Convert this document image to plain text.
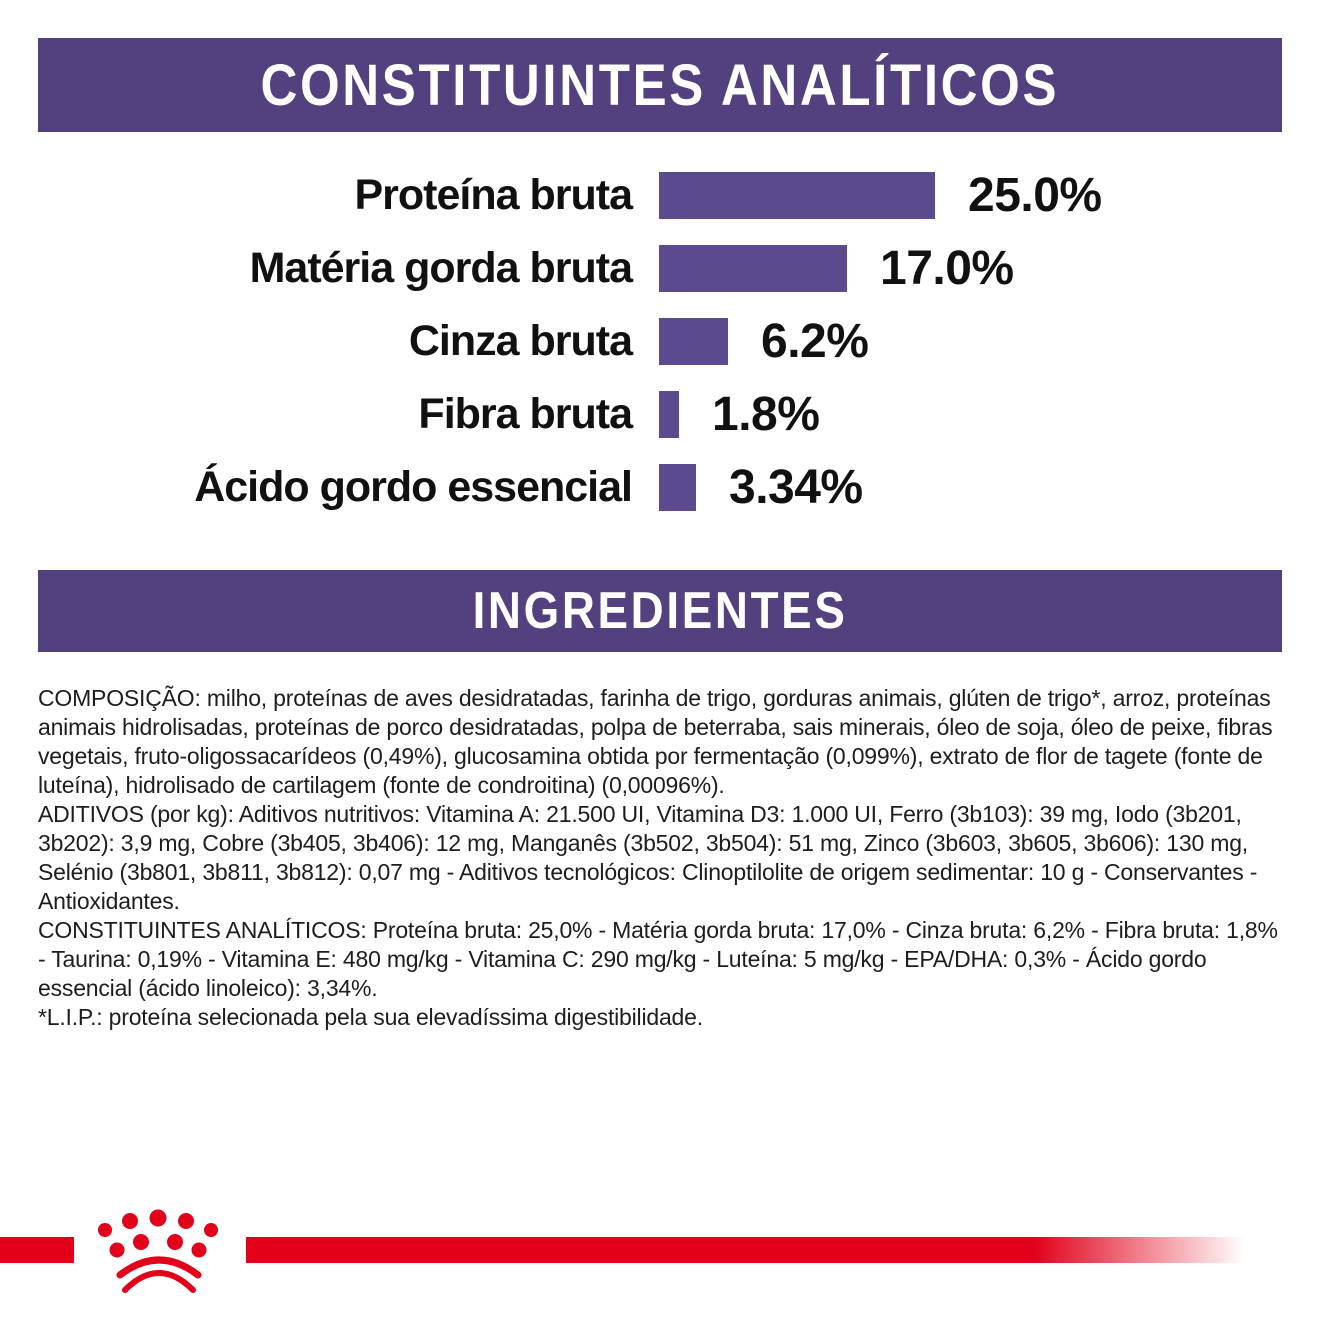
CONSTITUINTES ANALÍTICOS
Proteína bruta	25.0%
Matéria gorda bruta	17.0%
Cinza bruta	6.2%
Fibra bruta	1.8%
Ácido gordo essencial	3.34%
INGREDIENTES

COMPOSIÇÃO: milho, proteínas de aves desidratadas, farinha de trigo, gorduras animais, glúten de trigo*, arroz, proteínas animais hidrolisadas, proteínas de porco desidratadas, polpa de beterraba, sais minerais, óleo de soja, óleo de peixe, fibras vegetais, fruto-oligossacarídeos (0,49%), glucosamina obtida por fermentação (0,099%), extrato de flor de tagete (fonte de luteína), hidrolisado de cartilagem (fonte de condroitina) (0,00096%).

ADITIVOS (por kg): Aditivos nutritivos: Vitamina A: 21.500 UI, Vitamina D3: 1.000 UI, Ferro (3b103): 39 mg, Iodo (3b201, 3b202): 3,9 mg, Cobre (3b405, 3b406): 12 mg, Manganês (3b502, 3b504): 51 mg, Zinco (3b603, 3b605, 3b606): 130 mg, Selénio (3b801, 3b811, 3b812): 0,07 mg - Aditivos tecnológicos: Clinoptilolite de origem sedimentar: 10 g - Conservantes - Antioxidantes.

CONSTITUINTES ANALÍTICOS: Proteína bruta: 25,0% - Matéria gorda bruta: 17,0% - Cinza bruta: 6,2% - Fibra bruta: 1,8% - Taurina: 0,19% - Vitamina E: 480 mg/kg - Vitamina C: 290 mg/kg - Luteína: 5 mg/kg - EPA/DHA: 0,3% - Ácido gordo essencial (ácido linoleico): 3,34%.

*L.I.P.: proteína selecionada pela sua elevadíssima digestibilidade.
